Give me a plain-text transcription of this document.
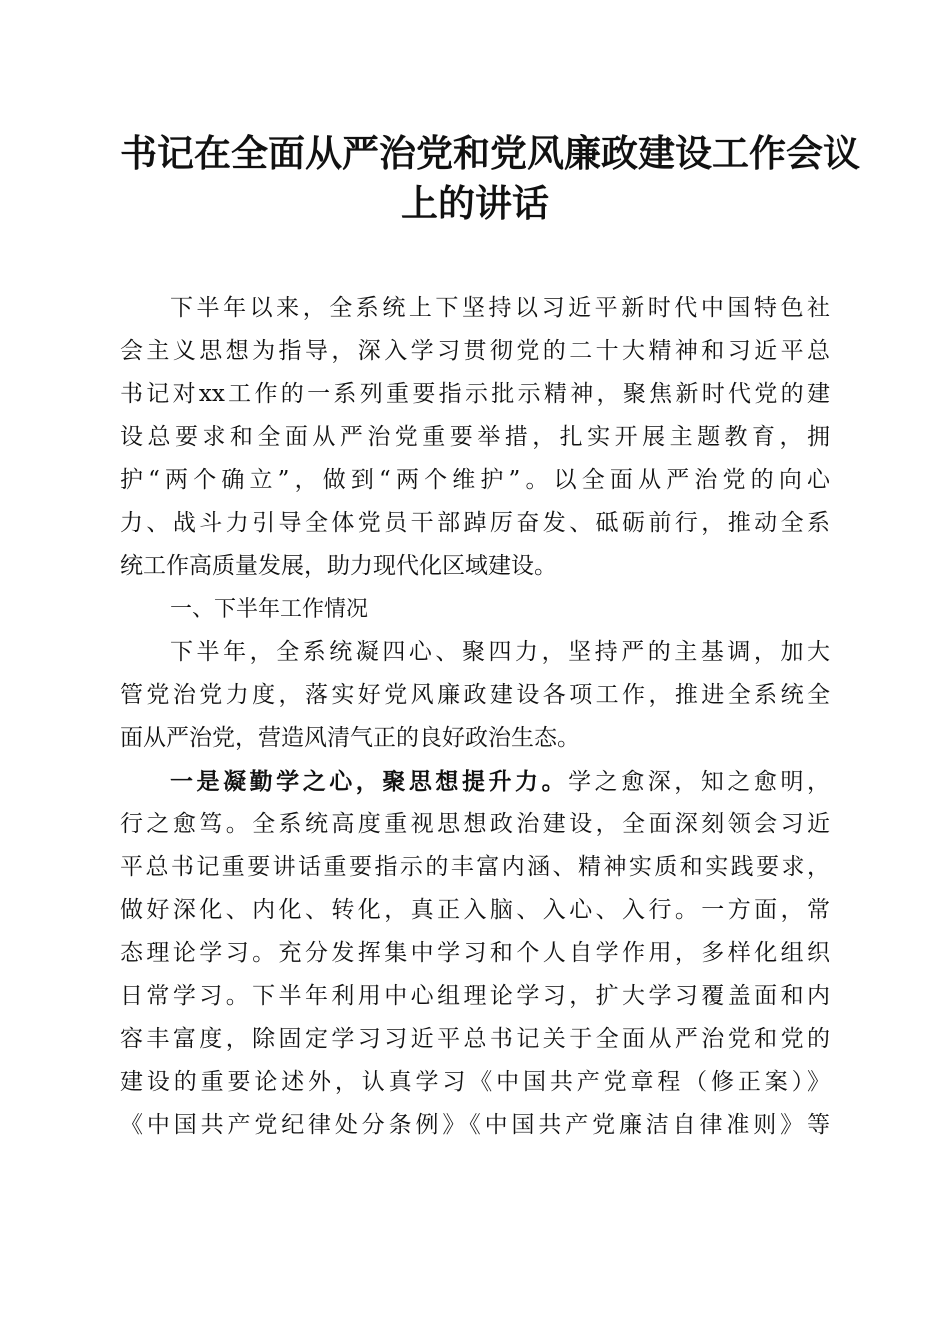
书记在全面从严治党和党风廉政建设工作会议
上的讲话
下半年以来，全系统上下坚持以习近平新时代中国特色社
会主义思想为指导，深入学习贯彻党的二十大精神和习近平总
书记对xx工作的一系列重要指示批示精神，聚焦新时代党的建
设总要求和全面从严治党重要举措，扎实开展主题教育，拥
护“两个确立”，做到“两个维护”。以全面从严治党的向心
力、战斗力引导全体党员干部踔厉奋发、砥砺前行，推动全系
统工作高质量发展，助力现代化区域建设。
一、下半年工作情况
下半年，全系统凝四心、聚四力，坚持严的主基调，加大
管党治党力度，落实好党风廉政建设各项工作，推进全系统全
面从严治党，营造风清气正的良好政治生态。
一是凝勤学之心，聚思想提升力。学之愈深，知之愈明，
行之愈笃。全系统高度重视思想政治建设，全面深刻领会习近
平总书记重要讲话重要指示的丰富内涵、精神实质和实践要求，
做好深化、内化、转化，真正入脑、入心、入行。一方面，常
态理论学习。充分发挥集中学习和个人自学作用，多样化组织
日常学习。下半年利用中心组理论学习，扩大学习覆盖面和内
容丰富度，除固定学习习近平总书记关于全面从严治党和党的
建设的重要论述外，认真学习《中国共产党章程（修正案）》
《中国共产党纪律处分条例》《中国共产党廉洁自律准则》等
